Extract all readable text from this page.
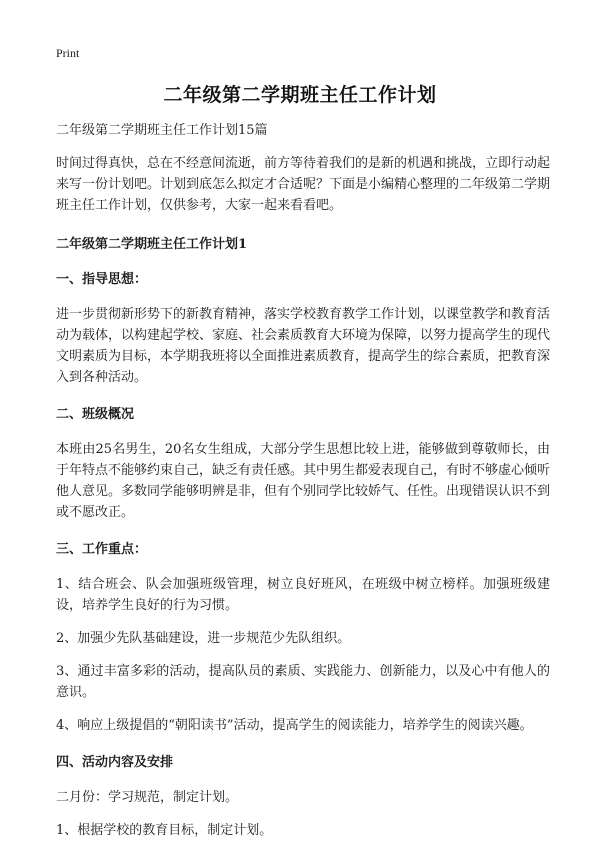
Print
二年级第二学期班主任工作计划

二年级第二学期班主任工作计划15篇

时间过得真快，总在不经意间流逝，前方等待着我们的是新的机遇和挑战，立即行动起来写一份计划吧。计划到底怎么拟定才合适呢？下面是小编精心整理的二年级第二学期班主任工作计划，仅供参考，大家一起来看看吧。

二年级第二学期班主任工作计划1

一、指导思想：

进一步贯彻新形势下的新教育精神，落实学校教育教学工作计划，以课堂教学和教育活动为载体，以构建起学校、家庭、社会素质教育大环境为保障，以努力提高学生的现代文明素质为目标，本学期我班将以全面推进素质教育，提高学生的综合素质，把教育深入到各种活动。

二、班级概况

本班由25名男生，20名女生组成，大部分学生思想比较上进，能够做到尊敬师长，由于年特点不能够约束自己，缺乏有责任感。其中男生都爱表现自己，有时不够虚心倾听他人意见。多数同学能够明辨是非，但有个别同学比较娇气、任性。出现错误认识不到或不愿改正。

三、工作重点：

1、结合班会、队会加强班级管理，树立良好班风，在班级中树立榜样。加强班级建设，培养学生良好的行为习惯。

2、加强少先队基础建设，进一步规范少先队组织。

3、通过丰富多彩的活动，提高队员的素质、实践能力、创新能力，以及心中有他人的意识。

4、响应上级提倡的“朝阳读书”活动，提高学生的阅读能力，培养学生的阅读兴趣。

四、活动内容及安排

二月份：学习规范，制定计划。

1、根据学校的教育目标，制定计划。
